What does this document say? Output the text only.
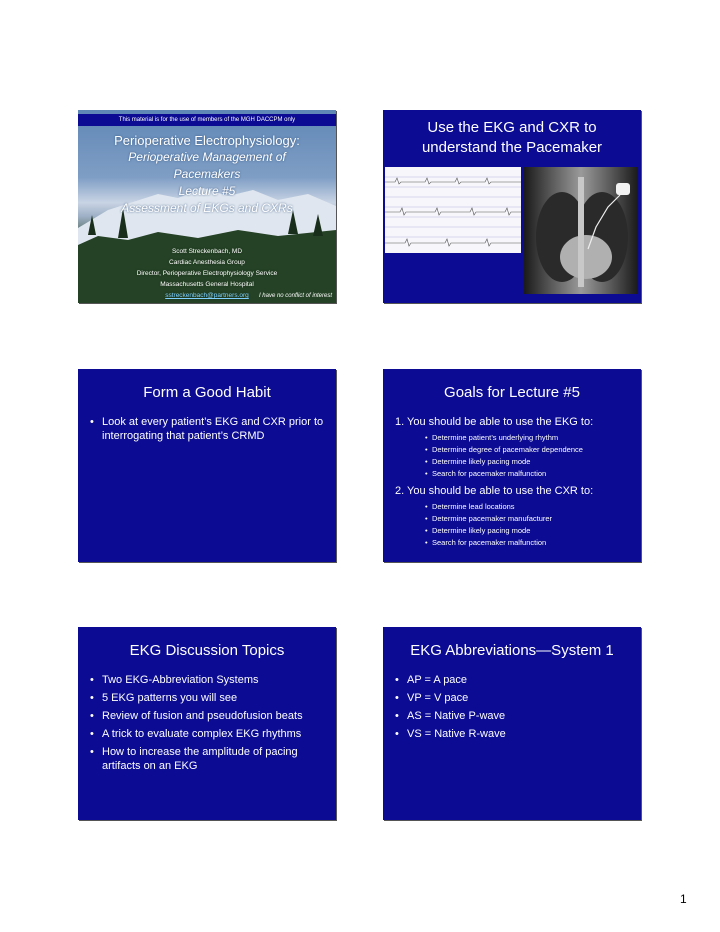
This material is for the use of members of the MGH DACCPM only
Perioperative Electrophysiology:
Perioperative Management of
Pacemakers
Lecture #5
Assessment of EKGs and CXRs
Scott Streckenbach, MD
Cardiac Anesthesia Group
Director, Perioperative Electrophysiology Service
Massachusetts General Hospital
sstreckenbach@partners.org	I have no conflict of interest
Use the EKG and CXR to
understand the Pacemaker
Form a Good Habit
• Look at every patient’s EKG and CXR prior to interrogating that patient’s CRMD
Goals for Lecture #5
1. You should be able to use the EKG to:
• Determine patient’s underlying rhythm
• Determine degree of pacemaker dependence
• Determine likely pacing mode
• Search for pacemaker malfunction
2. You should be able to use the CXR to:
• Determine lead locations
• Determine pacemaker manufacturer
• Determine likely pacing mode
• Search for pacemaker malfunction
EKG Discussion Topics
• Two EKG-Abbreviation Systems
• 5 EKG patterns you will see
• Review of fusion and pseudofusion beats
• A trick to evaluate complex EKG rhythms
• How to increase the amplitude of pacing artifacts on an EKG
EKG Abbreviations—System 1
• AP = A pace
• VP = V pace
• AS = Native P-wave
• VS = Native R-wave
1
